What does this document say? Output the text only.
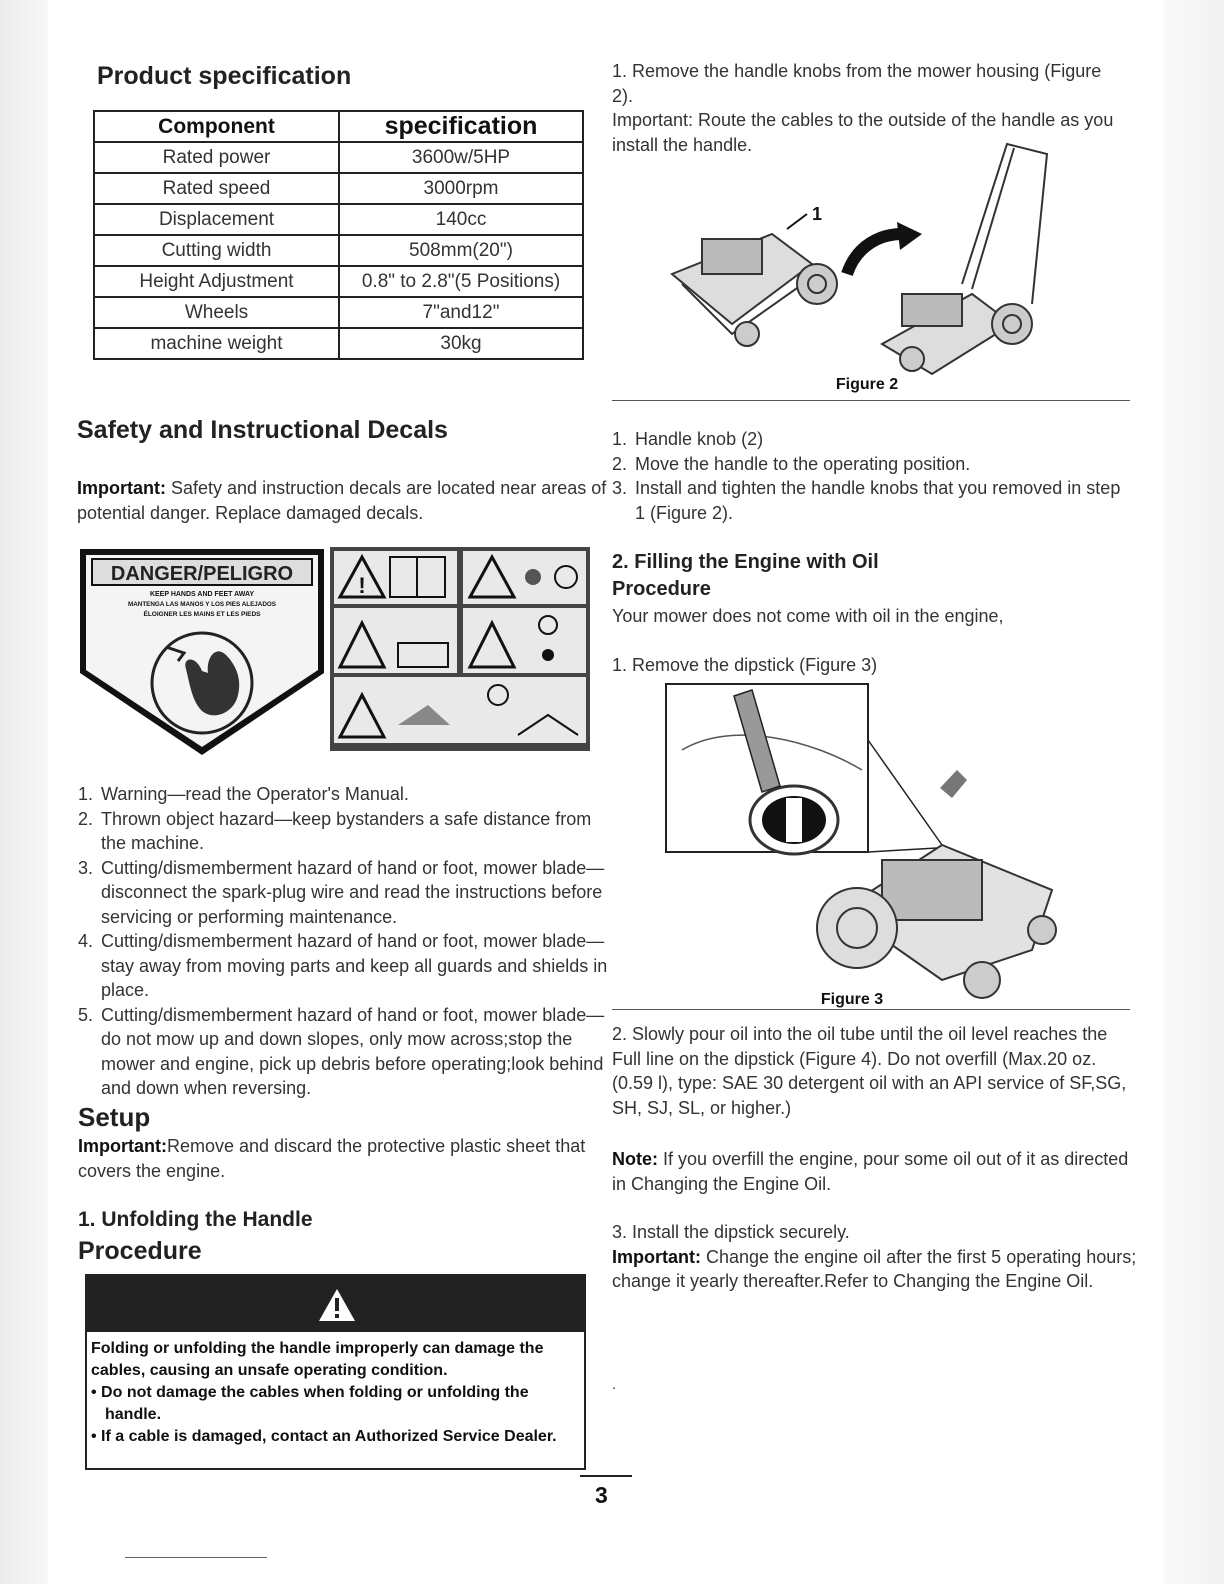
Product specification
Component	specification
Rated power	3600w/5HP
Rated speed	3000rpm
Displacement	140cc
Cutting width	508mm(20")
Height Adjustment	0.8" to 2.8"(5 Positions)
Wheels	7"and12"
machine weight	30kg
Safety and Instructional Decals
Important: Safety and instruction decals are located near areas of potential danger. Replace damaged decals.
DANGER/PELIGRO
KEEP HANDS AND FEET AWAY
MANTENGA LAS MANOS Y LOS PIES ALEJADOS
ÉLOIGNER LES MAINS ET LES PIEDS
!
1. Warning—read the Operator's Manual.
2. Thrown object hazard—keep bystanders a safe distance from the machine.
3. Cutting/dismemberment hazard of hand or foot, mower blade—disconnect the spark-plug wire and read the instructions before servicing or performing maintenance.
4. Cutting/dismemberment hazard of hand or foot, mower blade—stay away from moving parts and keep all guards and shields in place.
5. Cutting/dismemberment hazard of hand or foot, mower blade—do not mow up and down slopes, only mow across;stop the mower and engine, pick up debris before operating;look behind and down when reversing.
Setup
Important:Remove and discard the protective plastic sheet that covers the engine.
1. Unfolding the Handle
Procedure
Folding or unfolding the handle improperly can damage the cables, causing an unsafe operating condition.
• Do not damage the cables when folding or unfolding the handle.
• If a cable is damaged, contact an Authorized Service Dealer.
1. Remove the handle knobs from the mower housing (Figure 2).
Important: Route the cables to the outside of the handle as you install the handle.
1
Figure 2
1. Handle knob (2)
2. Move the handle to the operating position.
3. Install and tighten the handle knobs that you removed in step 1 (Figure 2).
2. Filling the Engine with Oil
Procedure
Your mower does not come with oil in the engine,
1. Remove the dipstick (Figure 3)
Figure 3
2. Slowly pour oil into the oil tube until the oil level reaches the Full line on the dipstick (Figure 4). Do not overfill (Max.20 oz. (0.59 l), type: SAE 30 detergent oil with an API service of SF,SG, SH, SJ, SL, or higher.)
Note: If you overfill the engine, pour some oil out of it as directed in Changing the Engine Oil.
3. Install the dipstick securely.
Important: Change the engine oil after the first 5 operating hours; change it yearly thereafter.Refer to Changing the Engine Oil.
.
3
